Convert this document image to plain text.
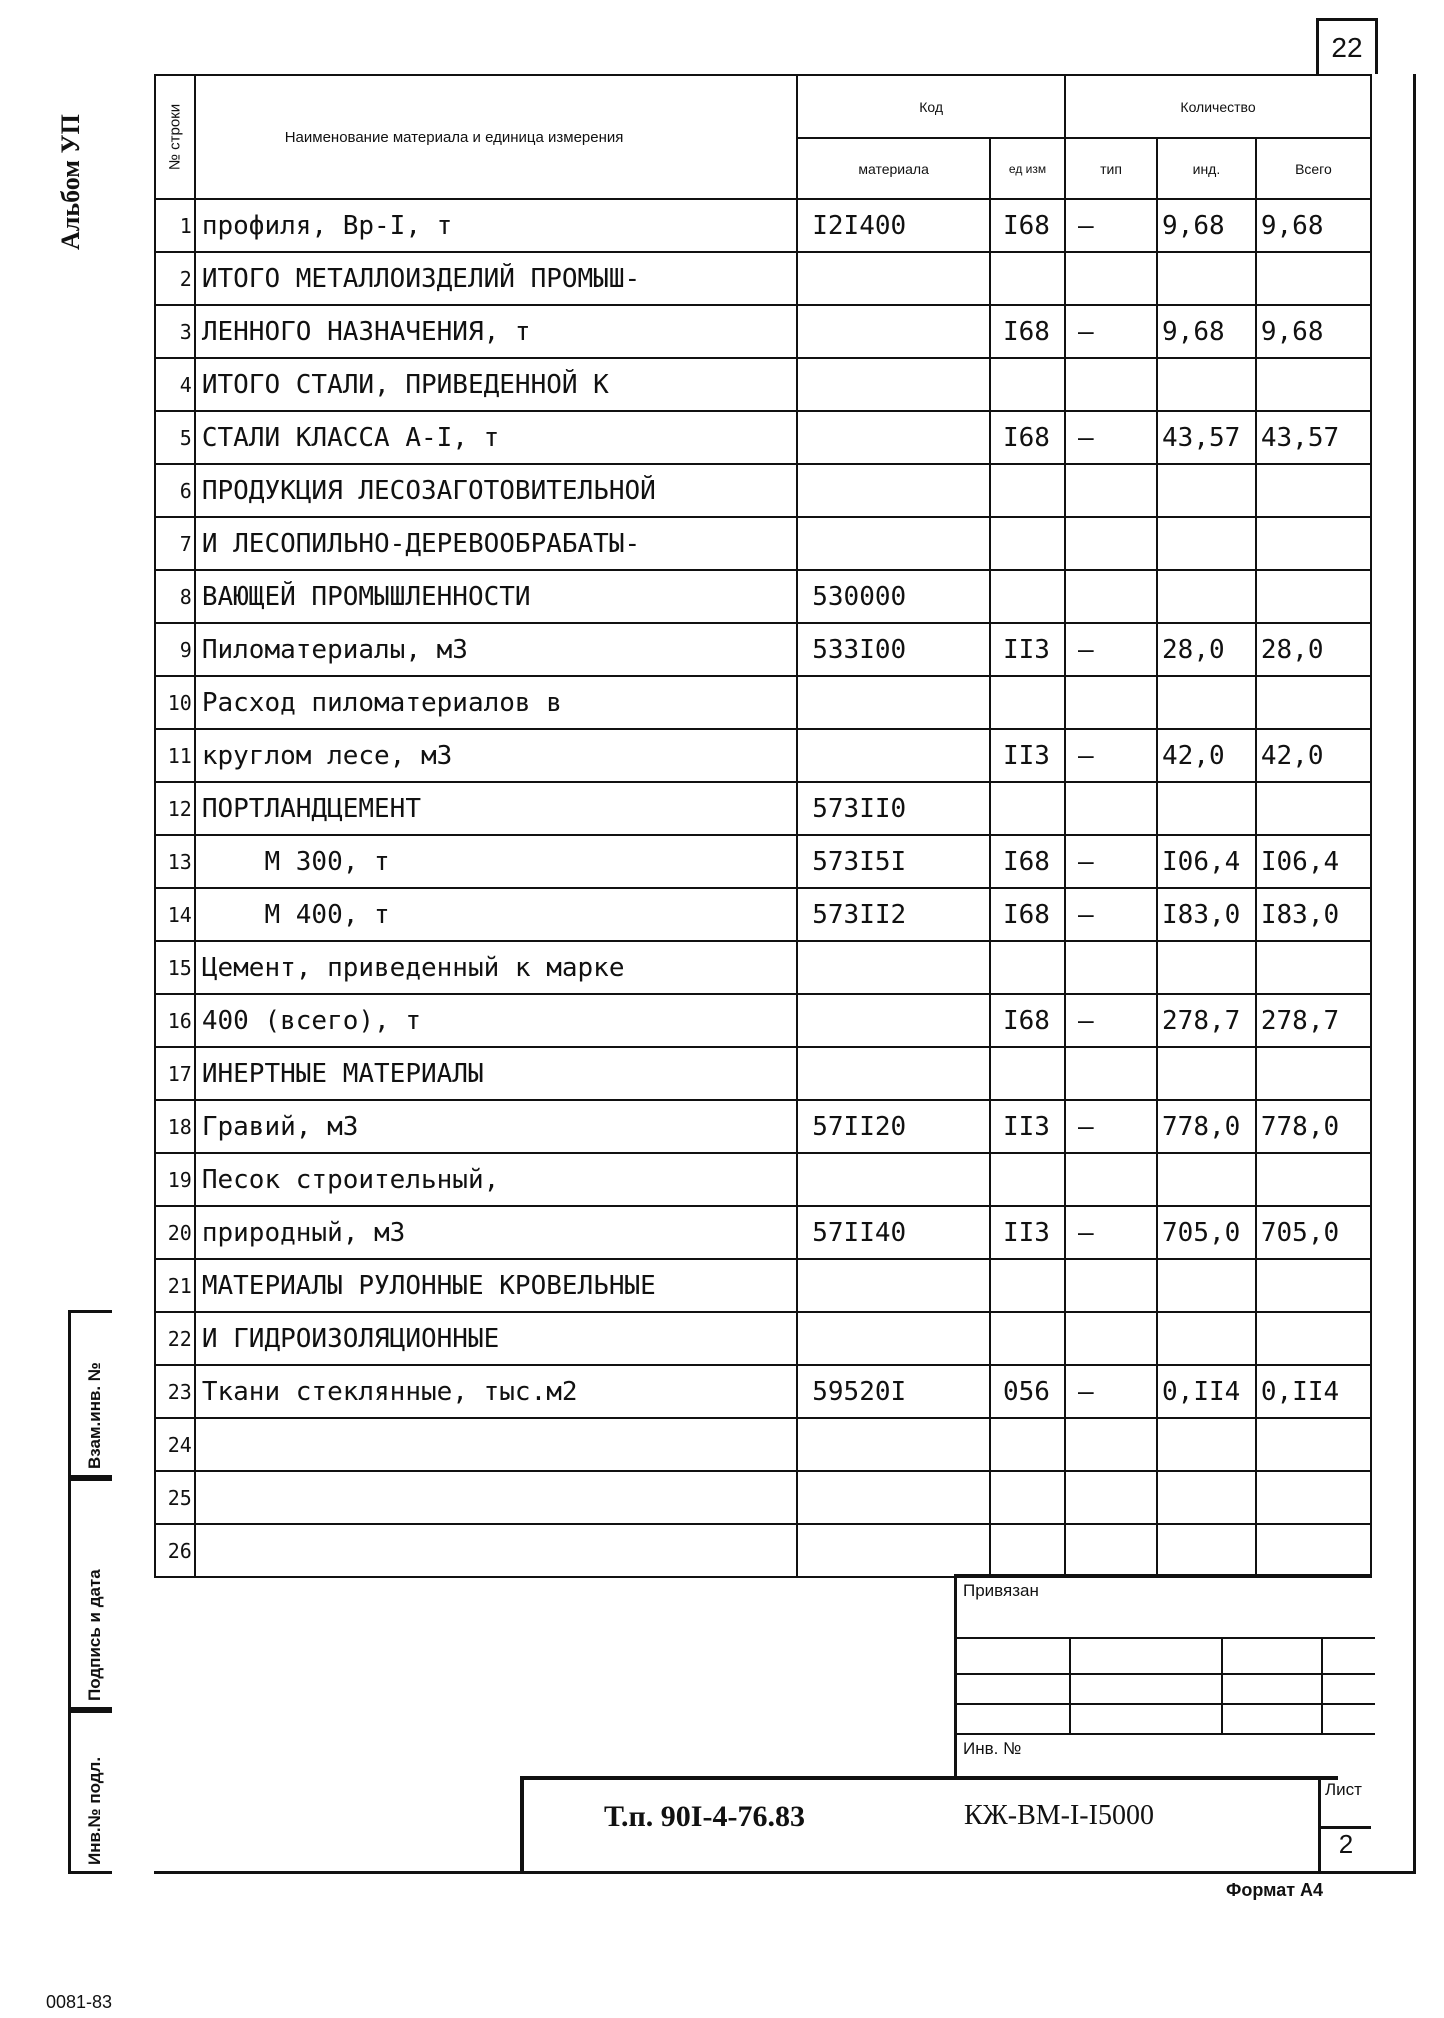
22
Альбом УП
Взам.инв. №
Подпись и дата
Инв.№ подл.
№ строки	Наименование материала и единица измерения	Код		Количество		
		материала	ед изм	тип	инд.	Всего
1	профиля, Вр-I, т	I2I400	I68	–	9,68	9,68
2	ИТОГО МЕТАЛЛОИЗДЕЛИЙ ПРОМЫШ-					
3	ЛЕННОГО НАЗНАЧЕНИЯ, т		I68	–	9,68	9,68
4	ИТОГО СТАЛИ, ПРИВЕДЕННОЙ К					
5	СТАЛИ КЛАССА А-I, т		I68	–	43,57	43,57
6	ПРОДУКЦИЯ ЛЕСОЗАГОТОВИТЕЛЬНОЙ					
7	И ЛЕСОПИЛЬНО-ДЕРЕВООБРАБАТЫ-					
8	ВАЮЩЕЙ ПРОМЫШЛЕННОСТИ	530000				
9	Пиломатериалы, м3	533I00	II3	–	28,0	28,0
10	Расход пиломатериалов в					
11	круглом лесе, м3		II3	–	42,0	42,0
12	ПОРТЛАНДЦЕМЕНТ	573II0				
13	М 300, т	573I5I	I68	–	I06,4	I06,4
14	М 400, т	573II2	I68	–	I83,0	I83,0
15	Цемент, приведенный к марке					
16	400 (всего), т		I68	–	278,7	278,7
17	ИНЕРТНЫЕ МАТЕРИАЛЫ					
18	Гравий, м3	57II20	II3	–	778,0	778,0
19	Песок строительный,					
20	природный, м3	57II40	II3	–	705,0	705,0
21	МАТЕРИАЛЫ РУЛОННЫЕ КРОВЕЛЬНЫЕ					
22	И ГИДРОИЗОЛЯЦИОННЫЕ					
23	Ткани стеклянные, тыс.м2	59520I	056	–	0,II4	0,II4
24						
25						
26						
Привязан
Инв. №
Т.п. 90I-4-76.83	КЖ-ВМ-I-I5000
Лист
2
Формат А4
0081-83
